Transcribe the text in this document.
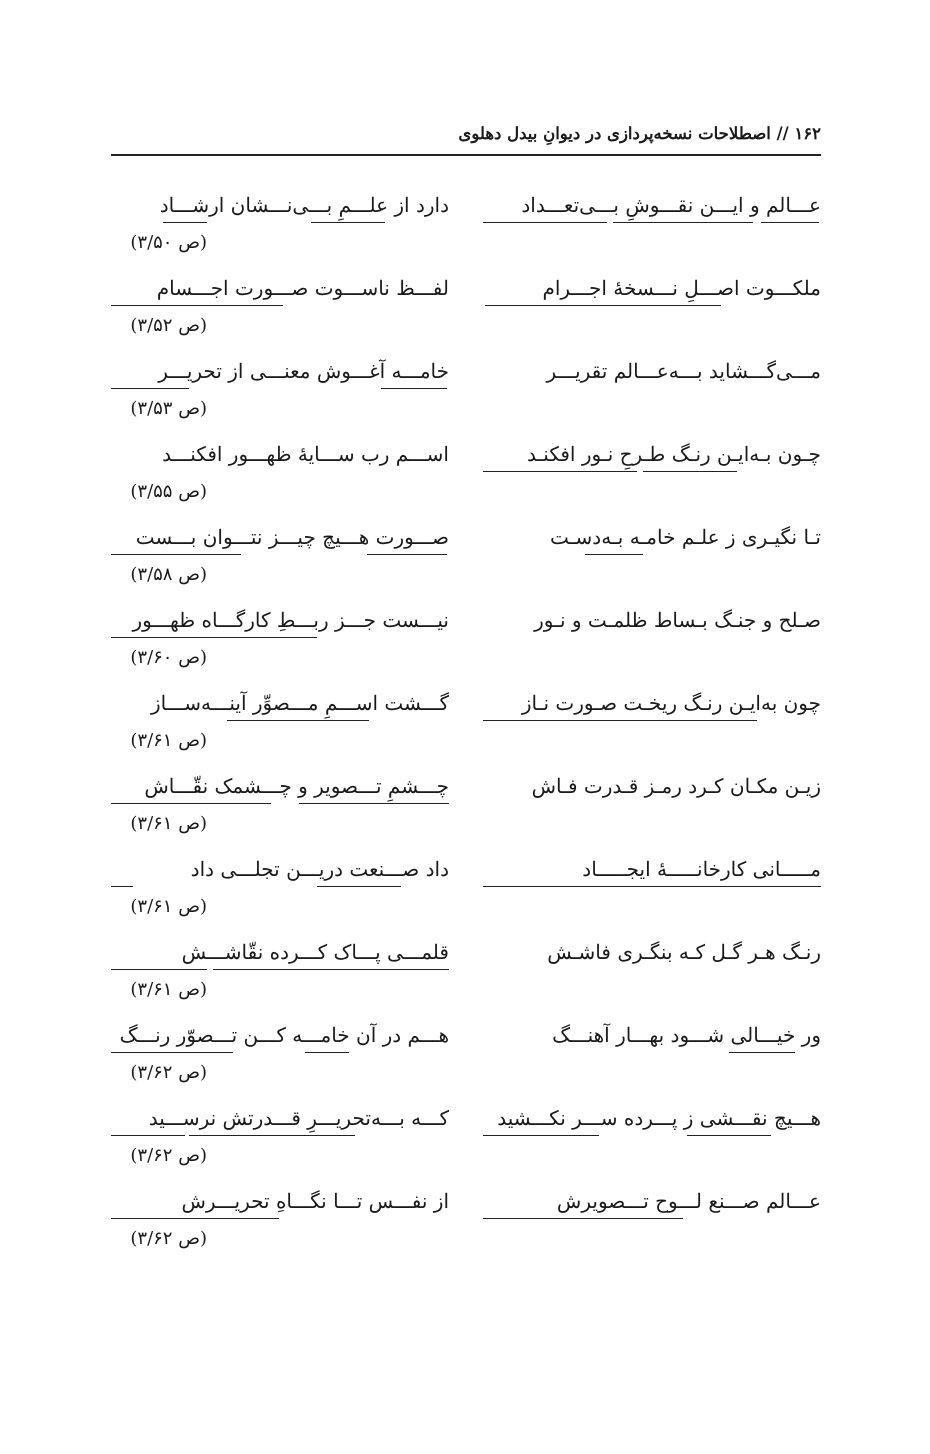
۱۶۲ // اصطلاحات نسخه‌پردازی در دیوانِ بیدل دهلوی
عـــالم و ایـــن نقـــوشِ بـــی‌تعـــداد
دارد از علـــمِ بـــی‌نـــشان ارشـــاد
(ص ۳/۵۰)
ملکـــوت اصـــلِ نـــسخهٔ اجـــرام
لفـــظ ناســـوت صـــورت اجـــسام
(ص ۳/۵۲)
مـــی‌گـــشاید بـــه‌عـــالم تقریـــر
خامـــه آغـــوش معنـــی از تحریـــر
(ص ۳/۵۳)
چـون بـه‌ایـن رنـگ طـرحِ نـور افکنـد
اســـم رب ســـایهٔ ظهـــور افکنـــد
(ص ۳/۵۵)
تـا نگیـری ز علـم خامـه بـه‌دسـت
صـــورت هـــیچ چیـــز نتـــوان بـــست
(ص ۳/۵۸)
صـلح و جنـگ بـساط ظلمـت و نـور
نیـــست جـــز ربـــطِ کارگـــاه ظهـــور
(ص ۳/۶۰)
چون به‌ایـن رنـگ ریخـت صـورت نـاز
گـــشت اســـمِ مـــصوِّر آینـــه‌ســـاز
(ص ۳/۶۱)
زیـن مکـان کـرد رمـز قـدرت فـاش
چـــشمِ تـــصویر و چـــشمک نقّـــاش
(ص ۳/۶۱)
مـــــانی کارخانـــــهٔ ایجـــــاد
داد صـــنعت دریـــن تجلـــی داد
(ص ۳/۶۱)
رنـگ هـر گـل کـه بنگـری فاشـش
قلمـــی پـــاک کـــرده نقّاشـــش
(ص ۳/۶۱)
ور خیـــالی شـــود بهـــار آهنـــگ
هـــم در آن خامـــه کـــن تـــصوّر رنـــگ
(ص ۳/۶۲)
هـــیچ نقـــشی ز پـــرده ســـر نکـــشید
کـــه بـــه‌تحریـــرِ قـــدرتش نرســـید
(ص ۳/۶۲)
عـــالم صـــنع لـــوح تـــصویرش
از نفـــس تـــا نگـــاهِ تحریـــرش
(ص ۳/۶۲)
